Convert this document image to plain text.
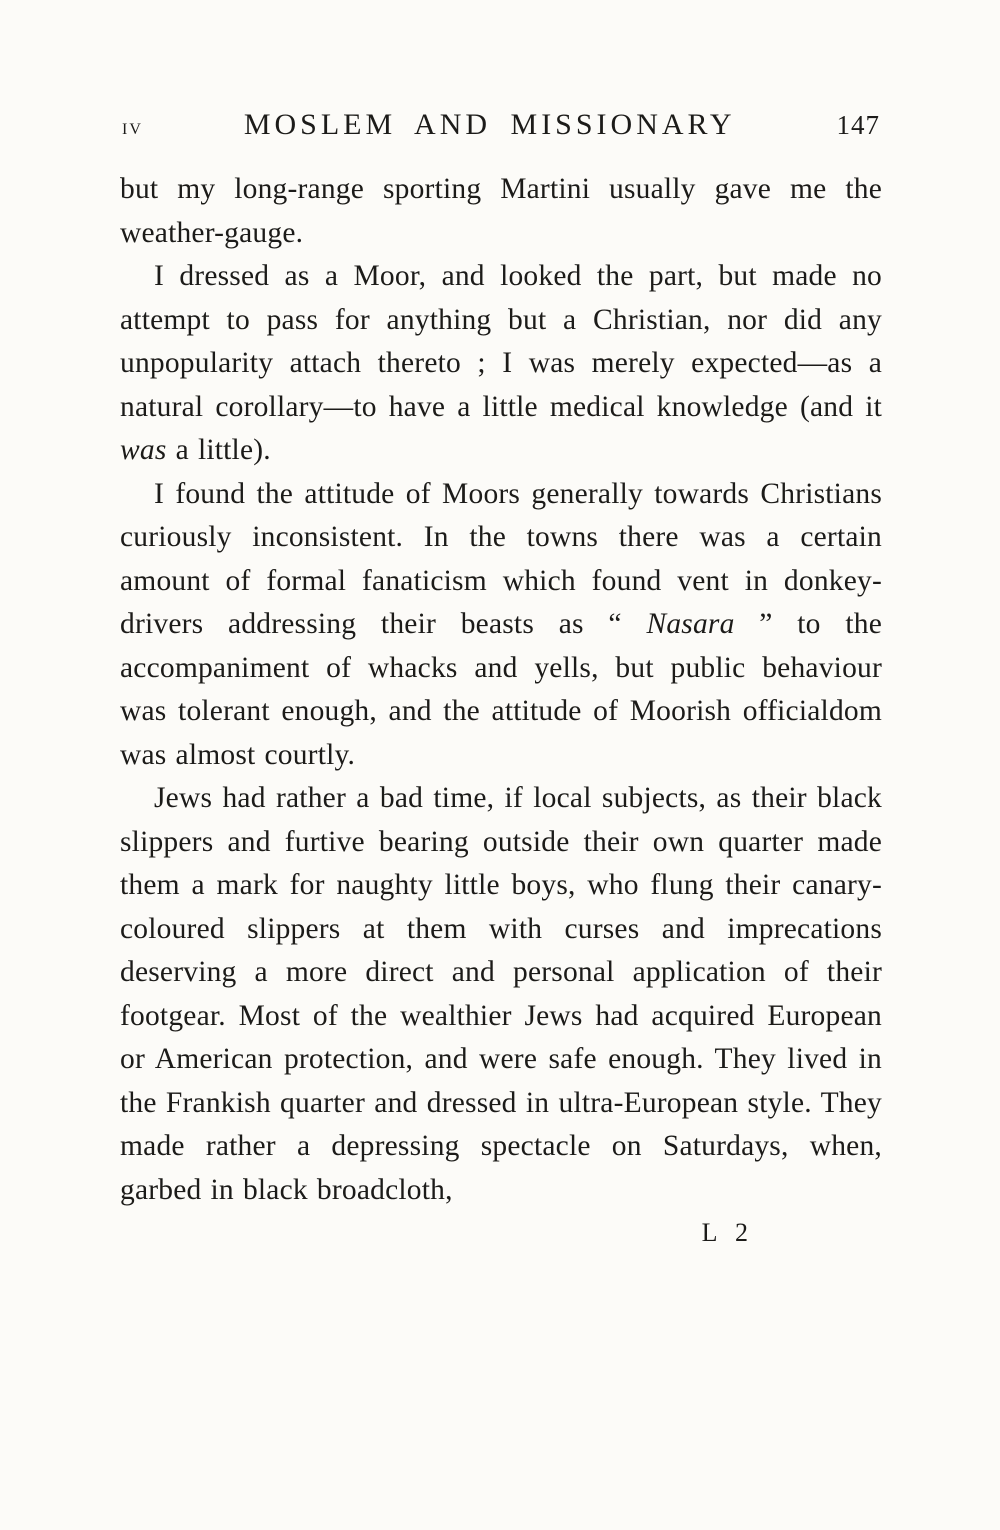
iv	MOSLEM AND MISSIONARY	147

but my long-range sporting Martini usually gave me the weather-gauge.

I dressed as a Moor, and looked the part, but made no attempt to pass for anything but a Christian, nor did any unpopularity attach thereto ; I was merely expected—as a natural corollary—to have a little medical knowledge (and it was a little).

I found the attitude of Moors generally towards Christians curiously inconsistent. In the towns there was a certain amount of formal fanaticism which found vent in donkey-drivers addressing their beasts as “ Nasara ” to the accompaniment of whacks and yells, but public behaviour was tolerant enough, and the attitude of Moorish officialdom was almost courtly.

Jews had rather a bad time, if local subjects, as their black slippers and furtive bearing outside their own quarter made them a mark for naughty little boys, who flung their canary-coloured slippers at them with curses and imprecations deserving a more direct and personal application of their footgear. Most of the wealthier Jews had acquired European or American protection, and were safe enough. They lived in the Frankish quarter and dressed in ultra-European style. They made rather a depressing spectacle on Saturdays, when, garbed in black broadcloth,

L 2
